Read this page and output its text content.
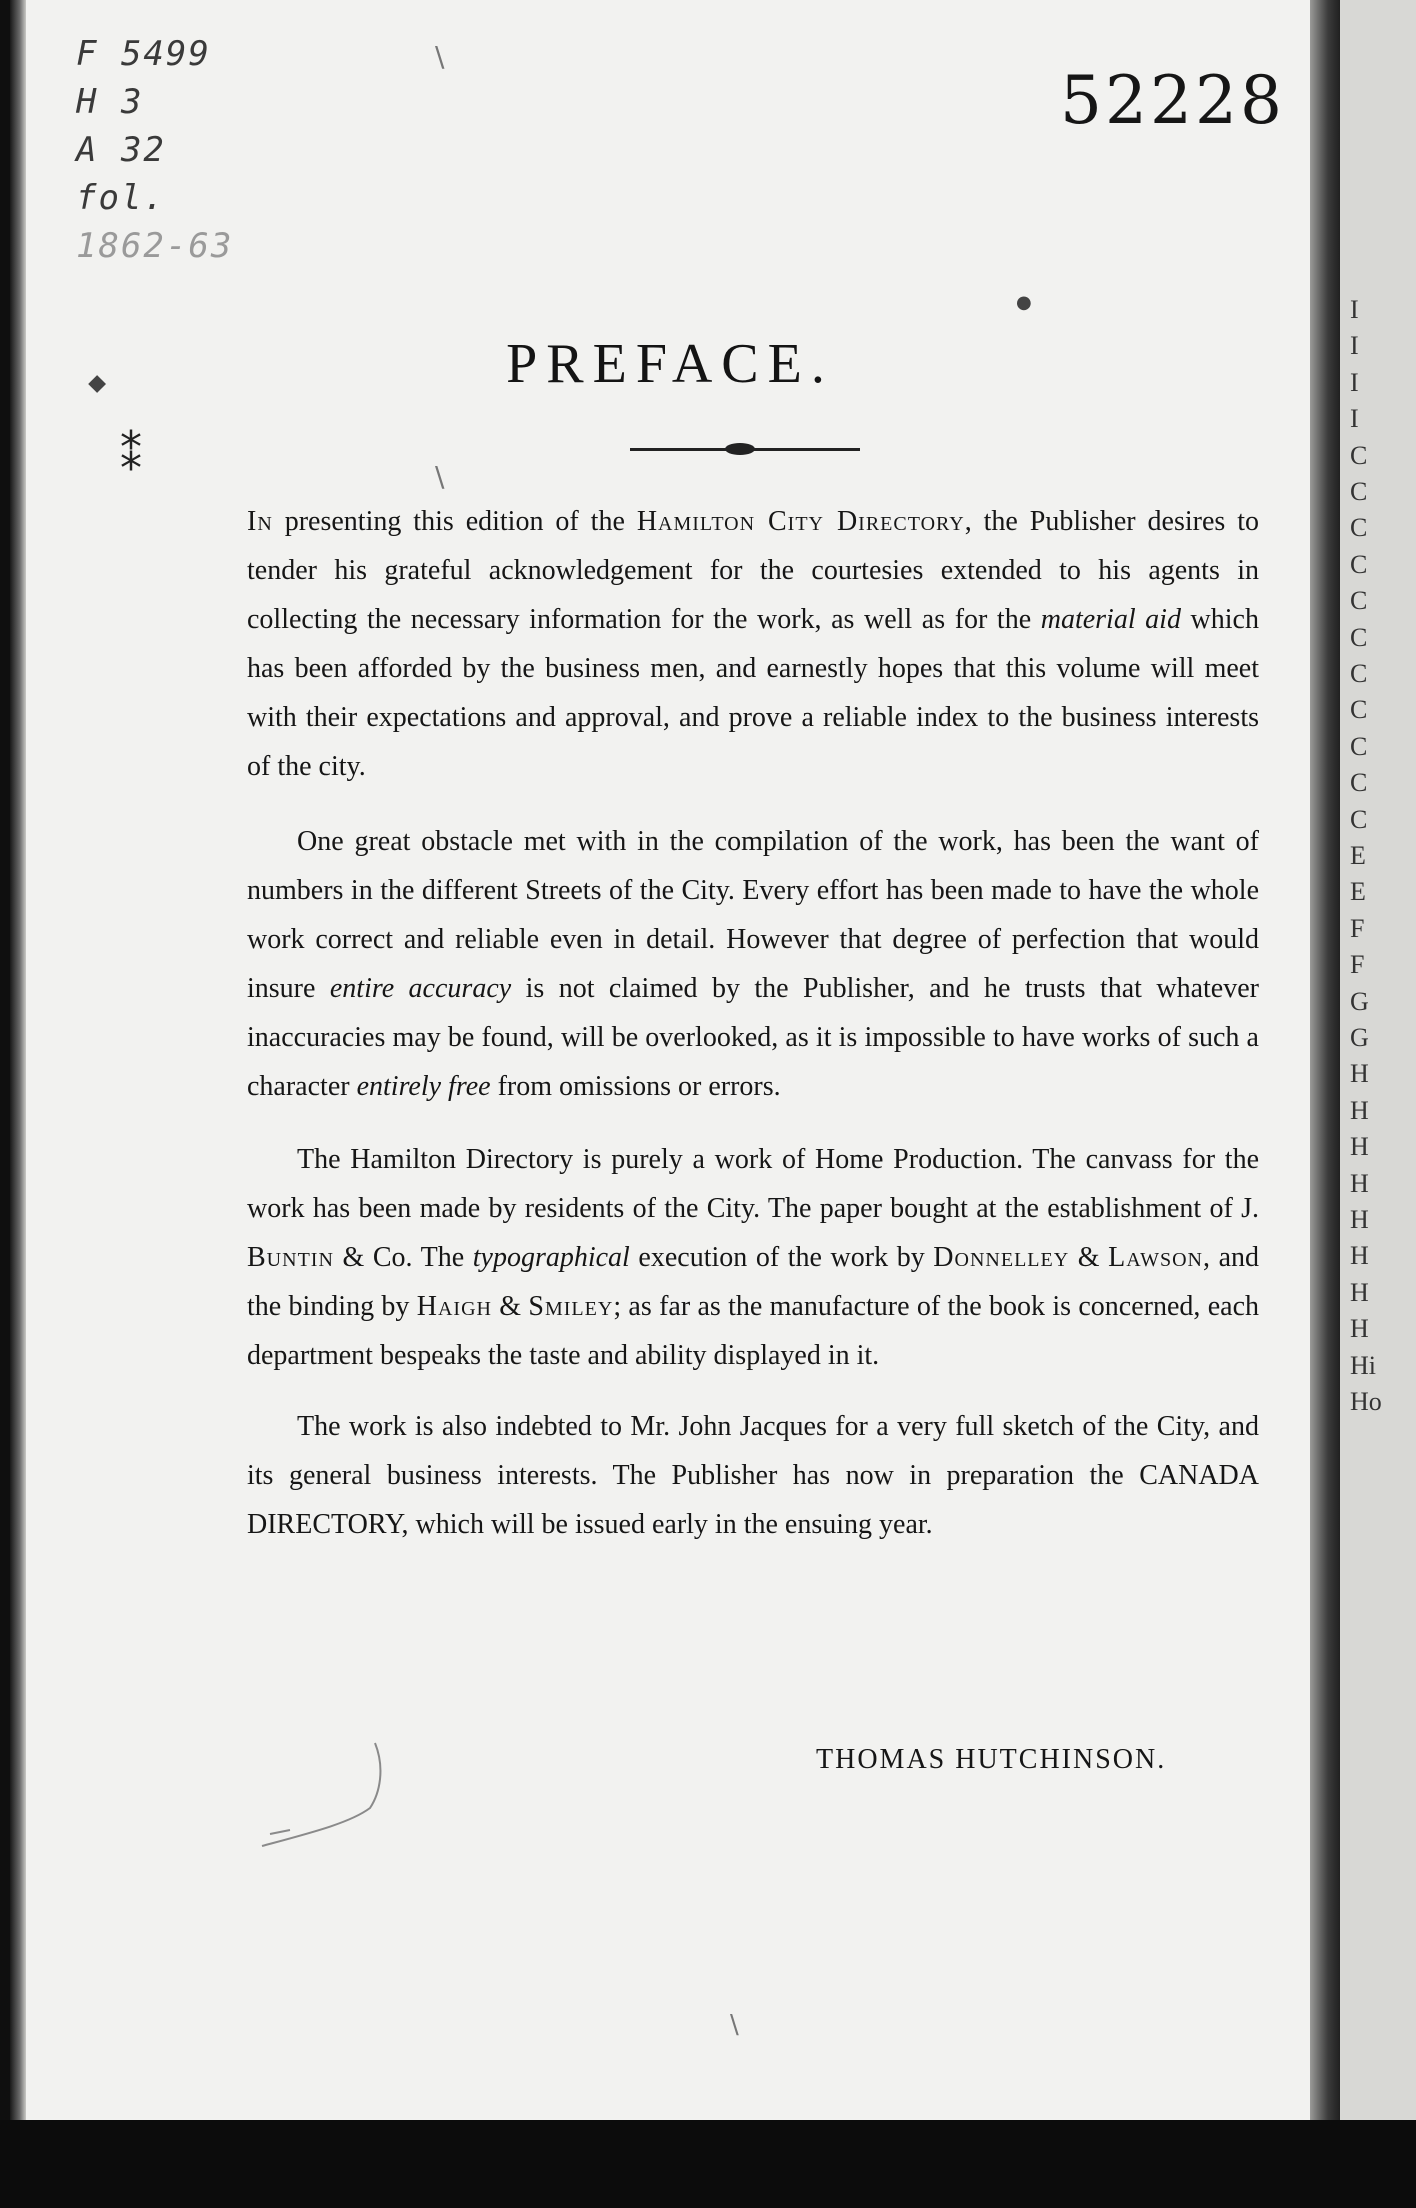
F 5499
H 3
A 32
fol.
1862-63
52228
\
⬥
⁑
●
\
\
PREFACE.

In presenting this edition of the Hamilton City Directory, the Publisher desires to tender his grateful acknowledgement for the courtesies extended to his agents in collecting the necessary information for the work, as well as for the material aid which has been afforded by the business men, and earnestly hopes that this volume will meet with their expectations and approval, and prove a reliable index to the business interests of the city.

One great obstacle met with in the compilation of the work, has been the want of numbers in the different Streets of the City. Every effort has been made to have the whole work correct and reliable even in detail. However that degree of perfection that would insure entire accuracy is not claimed by the Publisher, and he trusts that whatever inaccuracies may be found, will be overlooked, as it is impossible to have works of such a character entirely free from omissions or errors.

The Hamilton Directory is purely a work of Home Production. The canvass for the work has been made by residents of the City. The paper bought at the establishment of J. Buntin & Co. The typographical execution of the work by Donnelley & Lawson, and the binding by Haigh & Smiley; as far as the manufacture of the book is concerned, each department bespeaks the taste and ability displayed in it.

The work is also indebted to Mr. John Jacques for a very full sketch of the City, and its general business interests. The Publisher has now in preparation the CANADA DIRECTORY, which will be issued early in the ensuing year.

THOMAS HUTCHINSON.
I
I
I
I
C
C
C
C
C
C
C
C
C
C
C
E
E
F
F
G
G
H
H
H
H
H
H
H
H
Hi
Ho
